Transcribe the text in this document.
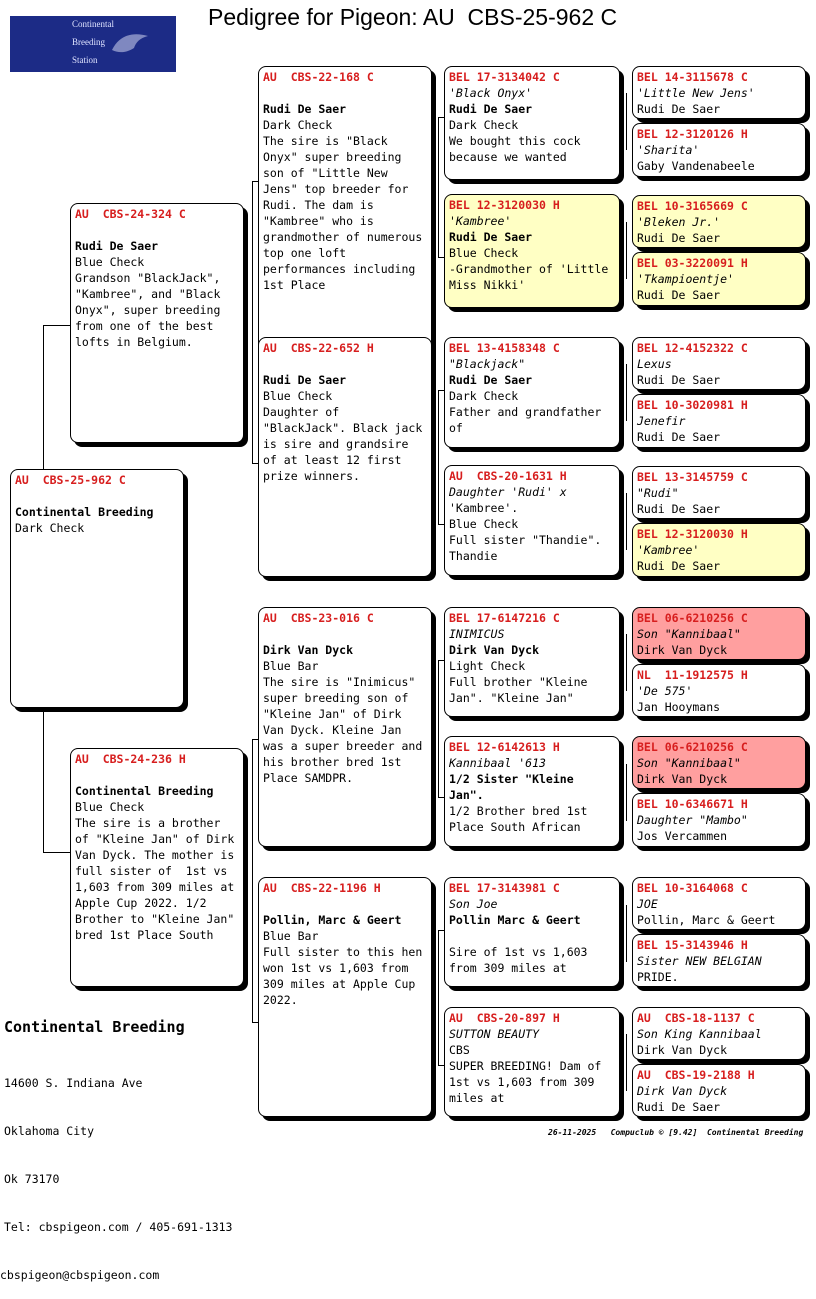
Pedigree for Pigeon: AU  CBS-25-962 C
Continental
Breeding
Station
AU  CBS-25-962 C
Continental Breeding
Dark Check
AU  CBS-24-324 C
Rudi De Saer
Blue Check
Grandson "BlackJack", "Kambree", and "Black Onyx", super breeding from one of the best lofts in Belgium.
AU  CBS-24-236 H
Continental Breeding
Blue Check
The sire is a brother of "Kleine Jan" of Dirk Van Dyck. The mother is full sister of  1st vs 1,603 from 309 miles at Apple Cup 2022. 1/2 Brother to "Kleine Jan" bred 1st Place South
AU  CBS-22-168 C
Rudi De Saer
Dark Check
The sire is "Black Onyx" super breeding son of "Little New Jens" top breeder for Rudi. The dam is "Kambree" who is grandmother of numerous top one loft performances including 1st Place
AU  CBS-22-652 H
Rudi De Saer
Blue Check
Daughter of "BlackJack". Black jack is sire and grandsire of at least 12 first prize winners.
AU  CBS-23-016 C
Dirk Van Dyck
Blue Bar
The sire is "Inimicus" super breeding son of "Kleine Jan" of Dirk Van Dyck. Kleine Jan was a super breeder and his brother bred 1st Place SAMDPR.
AU  CBS-22-1196 H
Pollin, Marc & Geert
Blue Bar
Full sister to this hen won 1st vs 1,603 from 309 miles at Apple Cup 2022.
BEL 17-3134042 C
'Black Onyx'
Rudi De Saer
Dark Check
We bought this cock because we wanted
BEL 12-3120030 H
'Kambree'
Rudi De Saer
Blue Check
-Grandmother of 'Little Miss Nikki'
BEL 13-4158348 C
"Blackjack"
Rudi De Saer
Dark Check
Father and grandfather of
AU  CBS-20-1631 H
Daughter 'Rudi' x
'Kambree'.
Blue Check
Full sister "Thandie". Thandie
BEL 17-6147216 C
INIMICUS
Dirk Van Dyck
Light Check
Full brother "Kleine Jan". "Kleine Jan"
BEL 12-6142613 H
Kannibaal '613
1/2 Sister "Kleine Jan".
1/2 Brother bred 1st Place South African
BEL 17-3143981 C
Son Joe
Pollin Marc & Geert
Sire of 1st vs 1,603 from 309 miles at
AU  CBS-20-897 H
SUTTON BEAUTY
CBS
SUPER BREEDING! Dam of 1st vs 1,603 from 309 miles at
BEL 14-3115678 C
'Little New Jens'
Rudi De Saer
BEL 12-3120126 H
'Sharita'
Gaby Vandenabeele
BEL 10-3165669 C
'Bleken Jr.'
Rudi De Saer
BEL 03-3220091 H
'Tkampioentje'
Rudi De Saer
BEL 12-4152322 C
Lexus
Rudi De Saer
BEL 10-3020981 H
Jenefir
Rudi De Saer
BEL 13-3145759 C
"Rudi"
Rudi De Saer
BEL 12-3120030 H
'Kambree'
Rudi De Saer
BEL 06-6210256 C
Son "Kannibaal"
Dirk Van Dyck
NL  11-1912575 H
'De 575'
Jan Hooymans
BEL 06-6210256 C
Son "Kannibaal"
Dirk Van Dyck
BEL 10-6346671 H
Daughter "Mambo"
Jos Vercammen
BEL 10-3164068 C
JOE
Pollin, Marc & Geert
BEL 15-3143946 H
Sister NEW BELGIAN
PRIDE.
AU  CBS-18-1137 C
Son King Kannibaal
Dirk Van Dyck
AU  CBS-19-2188 H
Dirk Van Dyck
Rudi De Saer
Continental Breeding

14600 S. Indiana Ave

Oklahoma City

Ok 73170

Tel: cbspigeon.com / 405-691-1313

cbspigeon@cbspigeon.com

26-11-2025   Compuclub © [9.42]  Continental Breeding
